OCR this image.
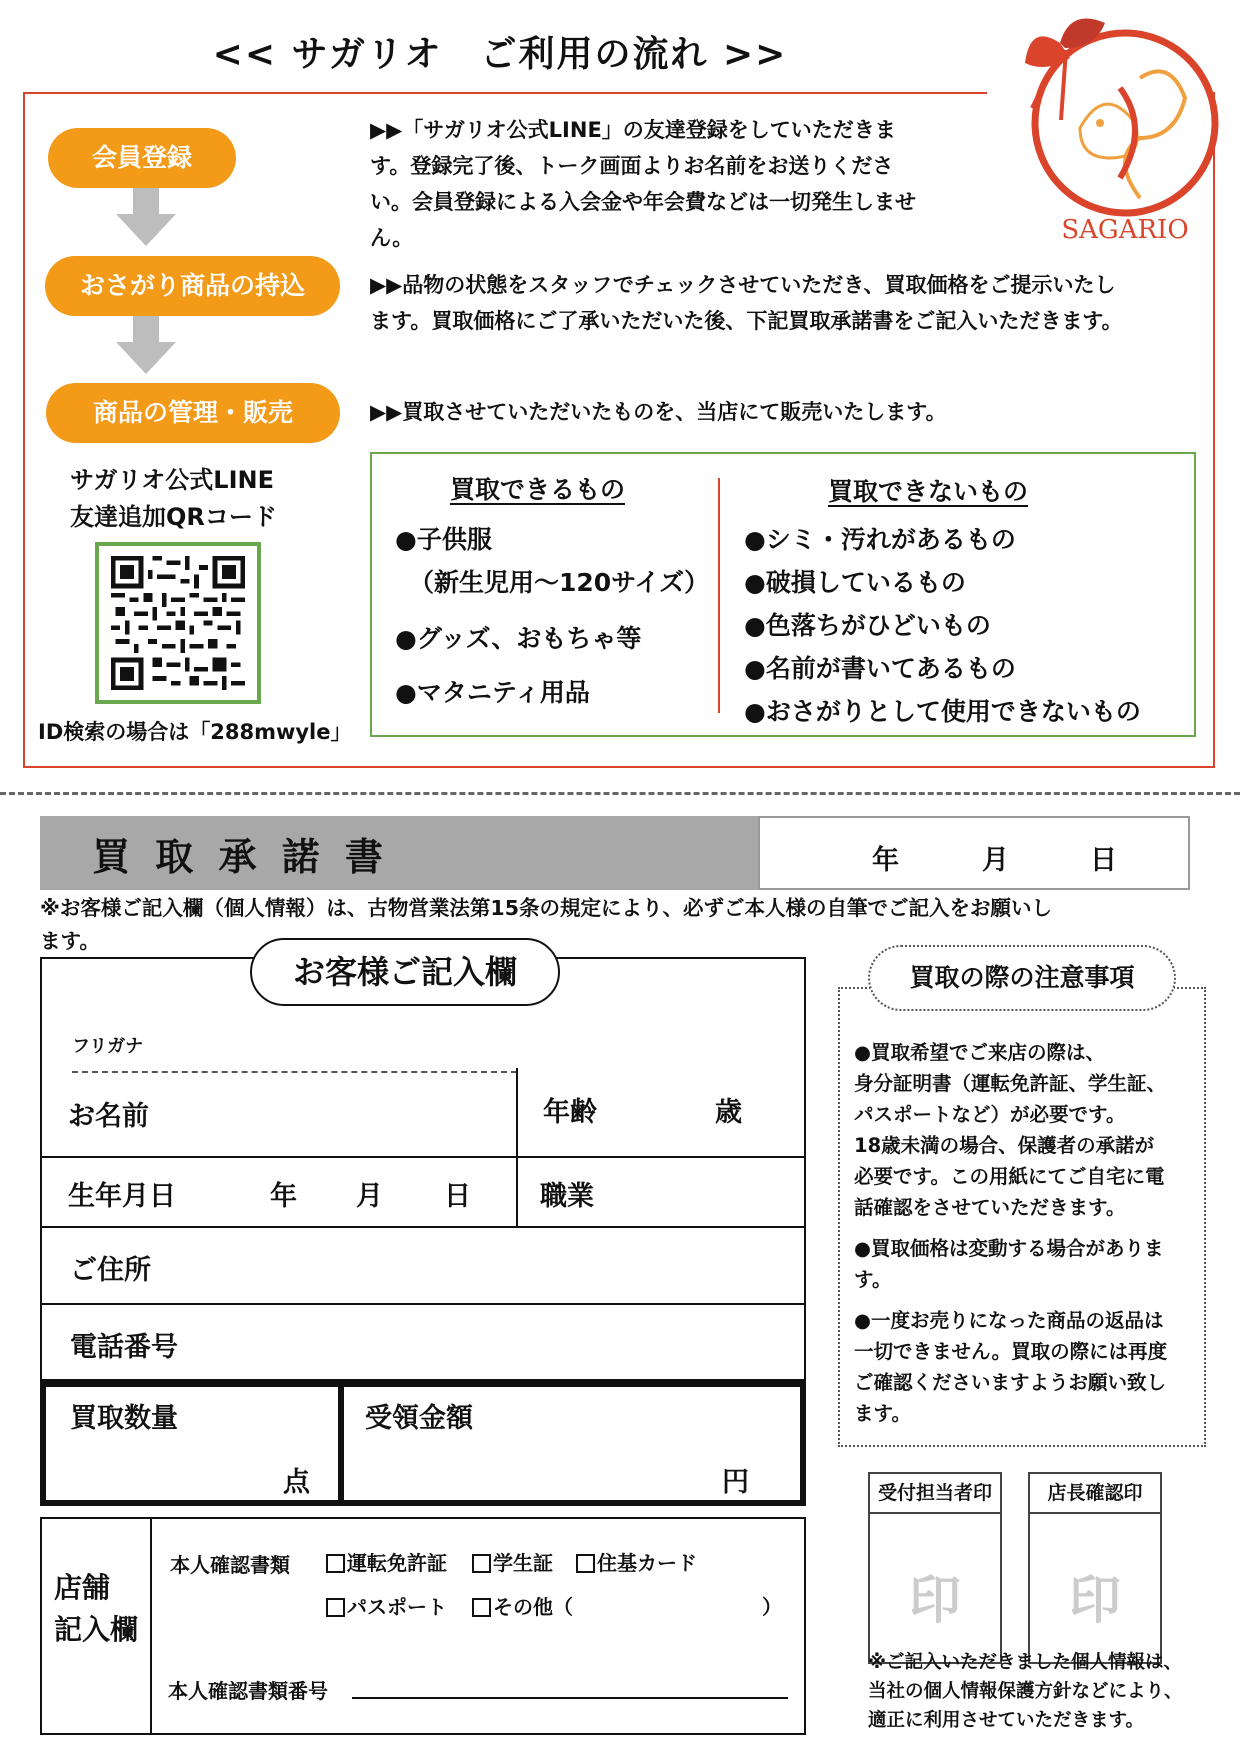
<< サガリオ　ご利用の流れ >>
SAGARIO
会員登録
おさがり商品の持込
商品の管理・販売
▶▶「サガリオ公式LINE」の友達登録をしていただきま
す。登録完了後、トーク画面よりお名前をお送りくださ
い。会員登録による入会金や年会費などは一切発生しませ
ん。
▶▶品物の状態をスタッフでチェックさせていただき、買取価格をご提示いたし
ます。買取価格にご了承いただいた後、下記買取承諾書をご記入いただきます。
▶▶買取させていただいたものを、当店にて販売いたします。
サガリオ公式LINE
友達追加QRコード
ID検索の場合は「288mwyle」
買取できるもの
●子供服
（新生児用〜120サイズ）
●グッズ、おもちゃ等
●マタニティ用品
買取できないもの
●シミ・汚れがあるもの
●破損しているもの
●色落ちがひどいもの
●名前が書いてあるもの
●おさがりとして使用できないもの
買 取 承 諾 書	年	月	日
※お客様ご記入欄（個人情報）は、古物営業法第15条の規定により、必ずご本人様の自筆でご記入をお願いし
ます。
お客様ご記入欄
フリガナ
お名前	年齢	歳
生年月日	年 月 日	職業
ご住所
電話番号
買取数量
点
受領金額
円
店舗
記入欄
本人確認書類	運転免許証	学生証	住基カード
パスポート	その他（	）
本人確認書類番号
買取の際の注意事項
●買取希望でご来店の際は、
身分証明書（運転免許証、学生証、
パスポートなど）が必要です。
18歳未満の場合、保護者の承諾が
必要です。この用紙にてご自宅に電
話確認をさせていただきます。
●買取価格は変動する場合がありま
す。
●一度お売りになった商品の返品は
一切できません。買取の際には再度
ご確認くださいますようお願い致し
ます。
受付担当者印
印
店長確認印
印
※ご記入いただきました個人情報は、
当社の個人情報保護方針などにより、
適正に利用させていただきます。
